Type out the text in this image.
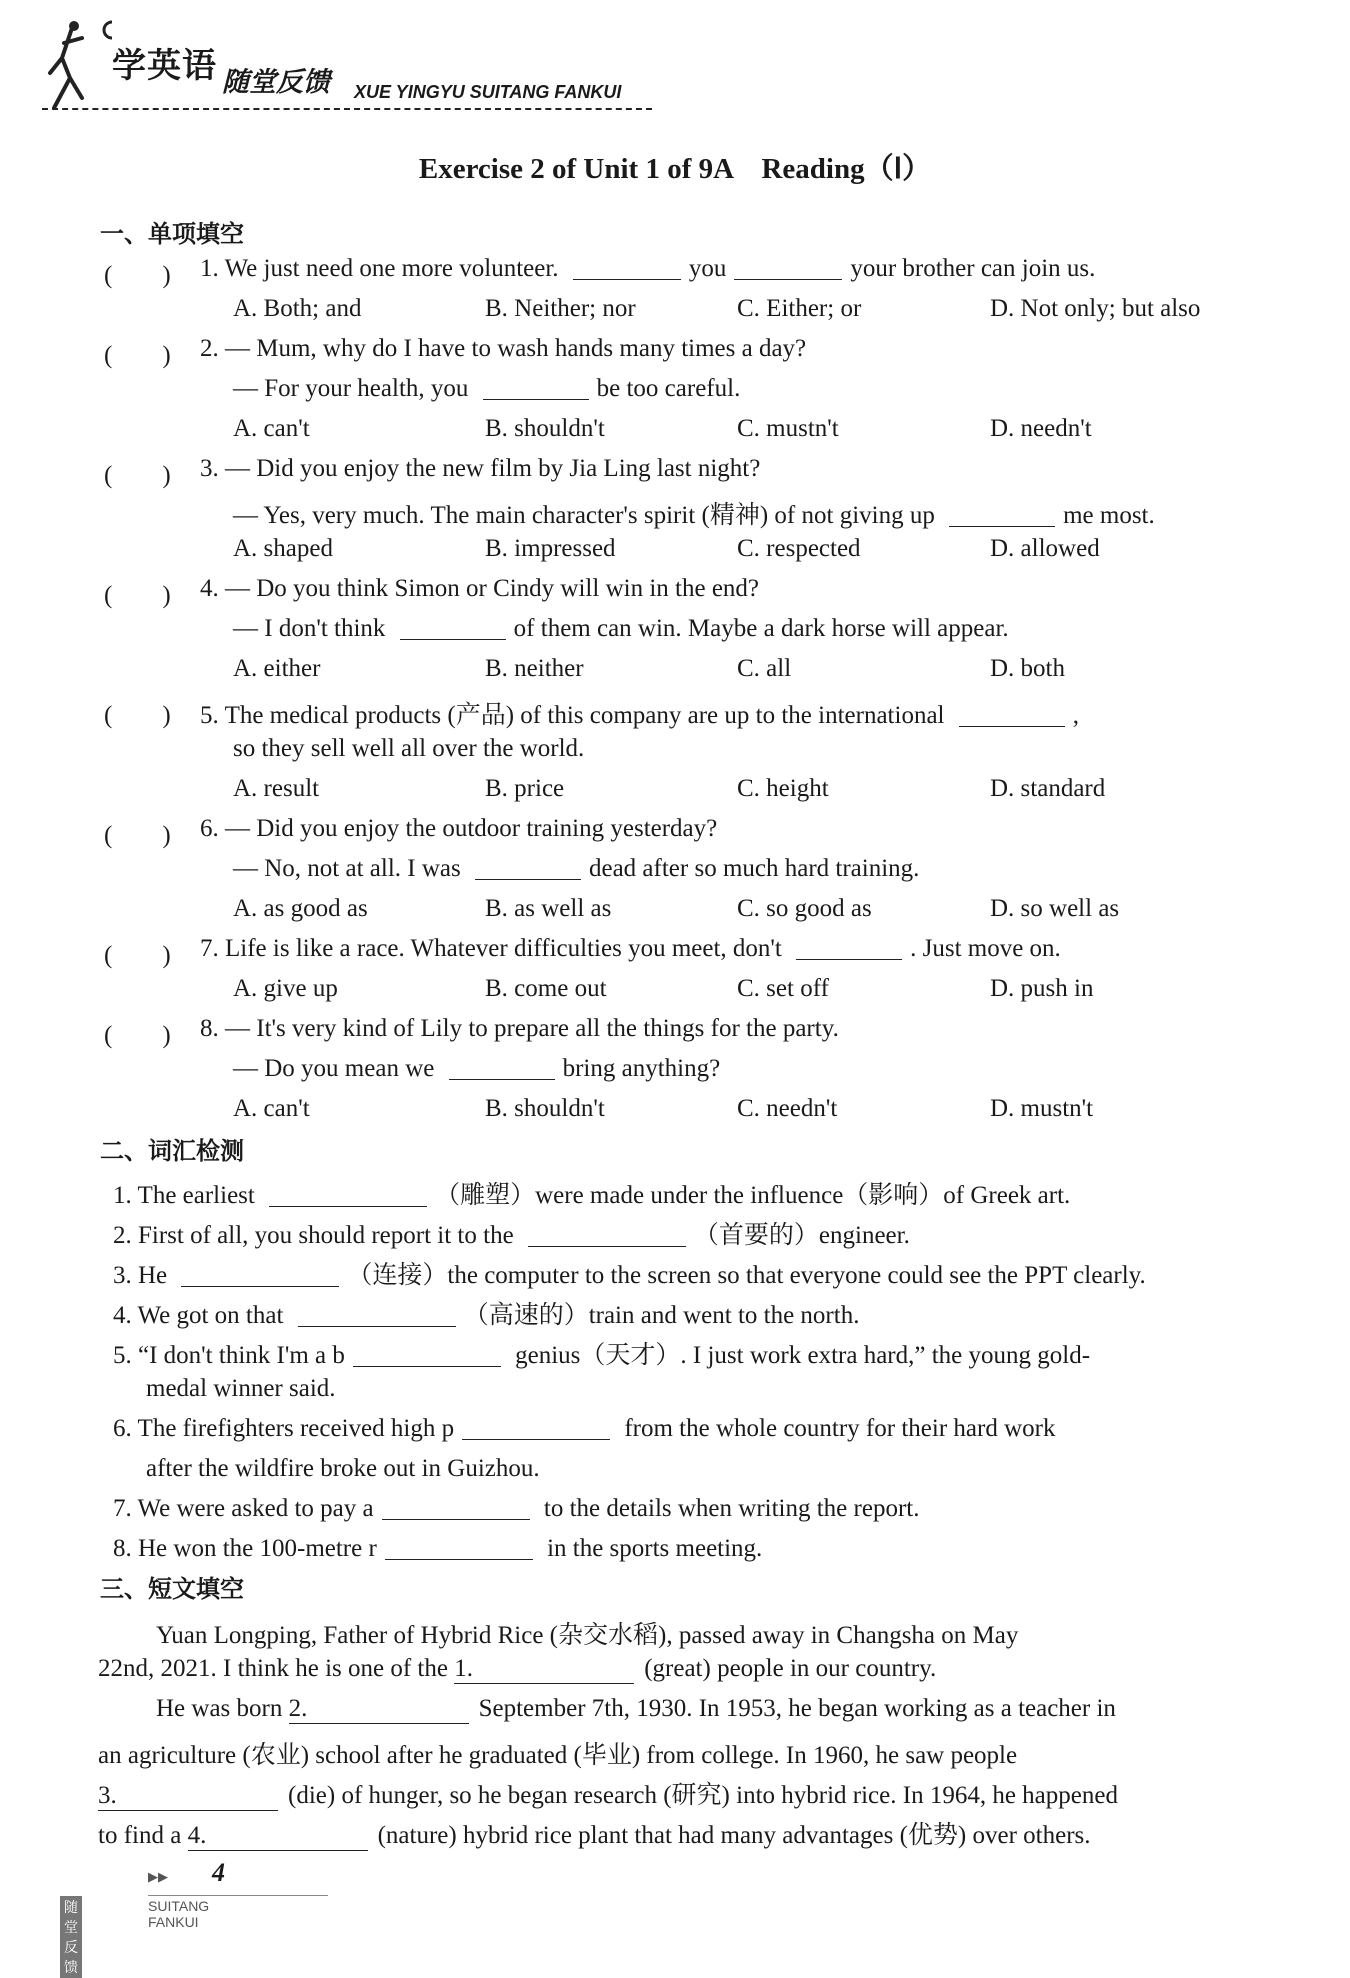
学英语 随堂反馈 XUE YINGYU SUITANG FANKUI
Exercise 2 of Unit 1 of 9A　Reading（Ⅰ）
一、单项填空
(　　) 1. We just need one more volunteer.	you	your brother can join us.
A. Both; and	B. Neither; nor	C. Either; or	D. Not only; but also
(　　) 2. — Mum, why do I have to wash hands many times a day?
— For your health, you	be too careful.
A. can't	B. shouldn't	C. mustn't	D. needn't
(　　) 3. — Did you enjoy the new film by Jia Ling last night?
— Yes, very much. The main character's spirit (精神) of not giving up	me most.
A. shaped	B. impressed	C. respected	D. allowed
(　　) 4. — Do you think Simon or Cindy will win in the end?
— I don't think	of them can win. Maybe a dark horse will appear.
A. either	B. neither	C. all	D. both
(　　) 5. The medical products (产品) of this company are up to the international	,
so they sell well all over the world.
A. result	B. price	C. height	D. standard
(　　) 6. — Did you enjoy the outdoor training yesterday?
— No, not at all. I was	dead after so much hard training.
A. as good as	B. as well as	C. so good as	D. so well as
(　　) 7. Life is like a race. Whatever difficulties you meet, don't	. Just move on.
A. give up	B. come out	C. set off	D. push in
(　　) 8. — It's very kind of Lily to prepare all the things for the party.
— Do you mean we	bring anything?
A. can't	B. shouldn't	C. needn't	D. mustn't
二、词汇检测
1. The earliest	（雕塑）were made under the influence（影响）of Greek art.
2. First of all, you should report it to the	（首要的）engineer.
3. He	（连接）the computer to the screen so that everyone could see the PPT clearly.
4. We got on that	（高速的）train and went to the north.
5. “I don't think I'm a b	genius（天才）. I just work extra hard,” the young gold-
medal winner said.
6. The firefighters received high p	from the whole country for their hard work
after the wildfire broke out in Guizhou.
7. We were asked to pay a	to the details when writing the report.
8. He won the 100-metre r	in the sports meeting.
三、短文填空
Yuan Longping, Father of Hybrid Rice (杂交水稻), passed away in Changsha on May
22nd, 2021. I think he is one of the 1.	(great) people in our country.
He was born 2.	September 7th, 1930. In 1953, he began working as a teacher in
an agriculture (农业) school after he graduated (毕业) from college. In 1960, he saw people
3.	(die) of hunger, so he began research (研究) into hybrid rice. In 1964, he happened
to find a 4.	(nature) hybrid rice plant that had many advantages (优势) over others.
▶▶ 4
随堂反馈
SUITANG FANKUI
